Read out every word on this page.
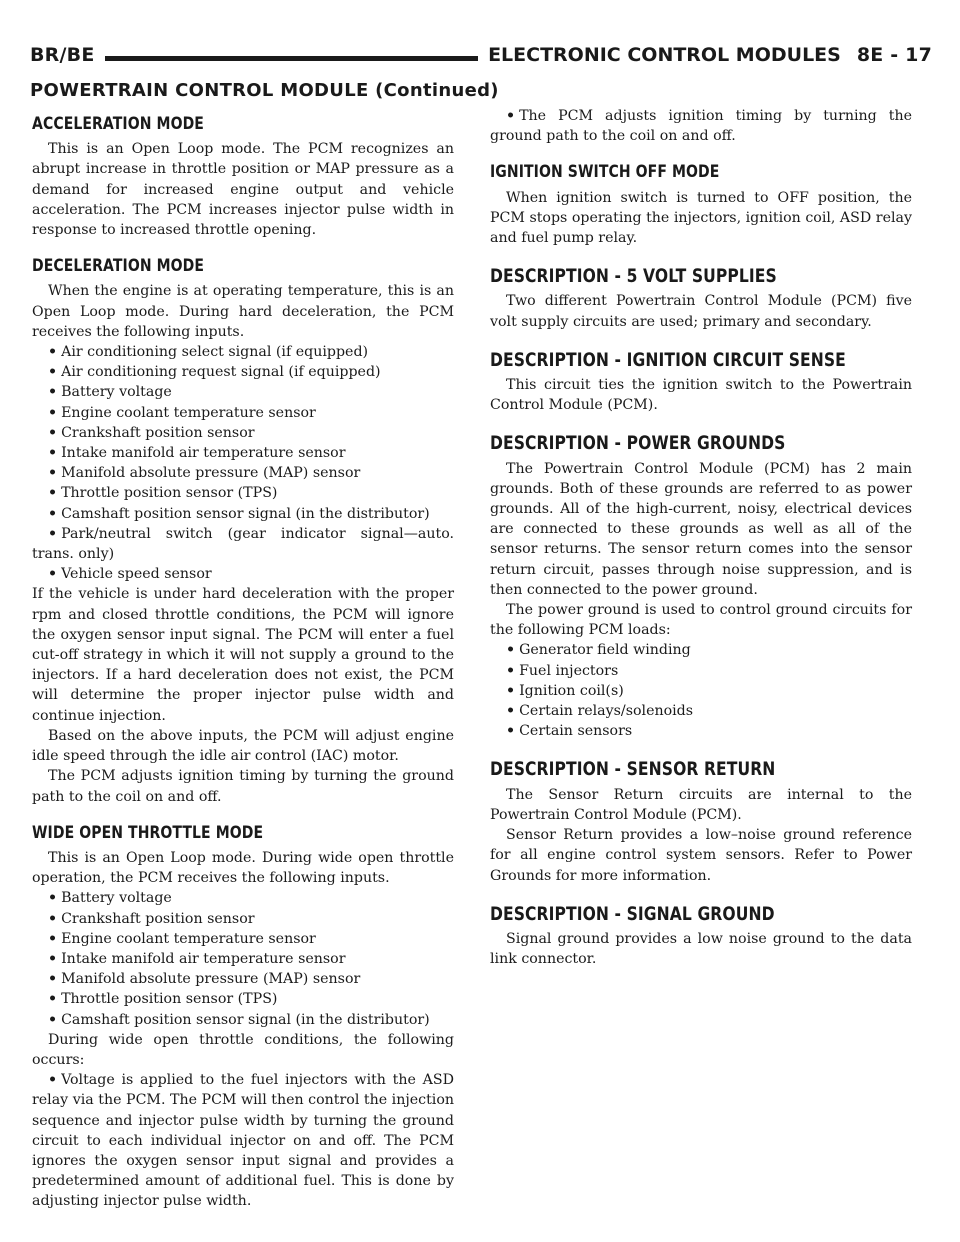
BR/BE	ELECTRONIC CONTROL MODULES 8E - 17
POWERTRAIN CONTROL MODULE (Continued)
ACCELERATION MODE

This is an Open Loop mode. The PCM recognizes an abrupt increase in throttle position or MAP pressure as a demand for increased engine output and vehicle acceleration. The PCM increases injector pulse width in response to increased throttle opening.

DECELERATION MODE

When the engine is at operating temperature, this is an Open Loop mode. During hard deceleration, the PCM receives the following inputs.

• Air conditioning select signal (if equipped)
• Air conditioning request signal (if equipped)
• Battery voltage
• Engine coolant temperature sensor
• Crankshaft position sensor
• Intake manifold air temperature sensor
• Manifold absolute pressure (MAP) sensor
• Throttle position sensor (TPS)
• Camshaft position sensor signal (in the distributor)
• Park/neutral switch (gear indicator signal—auto. trans. only)
• Vehicle speed sensor

If the vehicle is under hard deceleration with the proper rpm and closed throttle conditions, the PCM will ignore the oxygen sensor input signal. The PCM will enter a fuel cut-off strategy in which it will not supply a ground to the injectors. If a hard deceleration does not exist, the PCM will determine the proper injector pulse width and continue injection.

Based on the above inputs, the PCM will adjust engine idle speed through the idle air control (IAC) motor.

The PCM adjusts ignition timing by turning the ground path to the coil on and off.

WIDE OPEN THROTTLE MODE

This is an Open Loop mode. During wide open throttle operation, the PCM receives the following inputs.

• Battery voltage
• Crankshaft position sensor
• Engine coolant temperature sensor
• Intake manifold air temperature sensor
• Manifold absolute pressure (MAP) sensor
• Throttle position sensor (TPS)
• Camshaft position sensor signal (in the distributor)

During wide open throttle conditions, the following occurs:

• Voltage is applied to the fuel injectors with the ASD relay via the PCM. The PCM will then control the injection sequence and injector pulse width by turning the ground circuit to each individual injector on and off. The PCM ignores the oxygen sensor input signal and provides a predetermined amount of additional fuel. This is done by adjusting injector pulse width.
• The PCM adjusts ignition timing by turning the ground path to the coil on and off.
IGNITION SWITCH OFF MODE

When ignition switch is turned to OFF position, the PCM stops operating the injectors, ignition coil, ASD relay and fuel pump relay.

DESCRIPTION - 5 VOLT SUPPLIES

Two different Powertrain Control Module (PCM) five volt supply circuits are used; primary and secondary.

DESCRIPTION - IGNITION CIRCUIT SENSE

This circuit ties the ignition switch to the Powertrain Control Module (PCM).

DESCRIPTION - POWER GROUNDS

The Powertrain Control Module (PCM) has 2 main grounds. Both of these grounds are referred to as power grounds. All of the high-current, noisy, electrical devices are connected to these grounds as well as all of the sensor returns. The sensor return comes into the sensor return circuit, passes through noise suppression, and is then connected to the power ground.

The power ground is used to control ground circuits for the following PCM loads:

• Generator field winding
• Fuel injectors
• Ignition coil(s)
• Certain relays/solenoids
• Certain sensors
DESCRIPTION - SENSOR RETURN

The Sensor Return circuits are internal to the Powertrain Control Module (PCM).

Sensor Return provides a low–noise ground reference for all engine control system sensors. Refer to Power Grounds for more information.

DESCRIPTION - SIGNAL GROUND

Signal ground provides a low noise ground to the data link connector.
